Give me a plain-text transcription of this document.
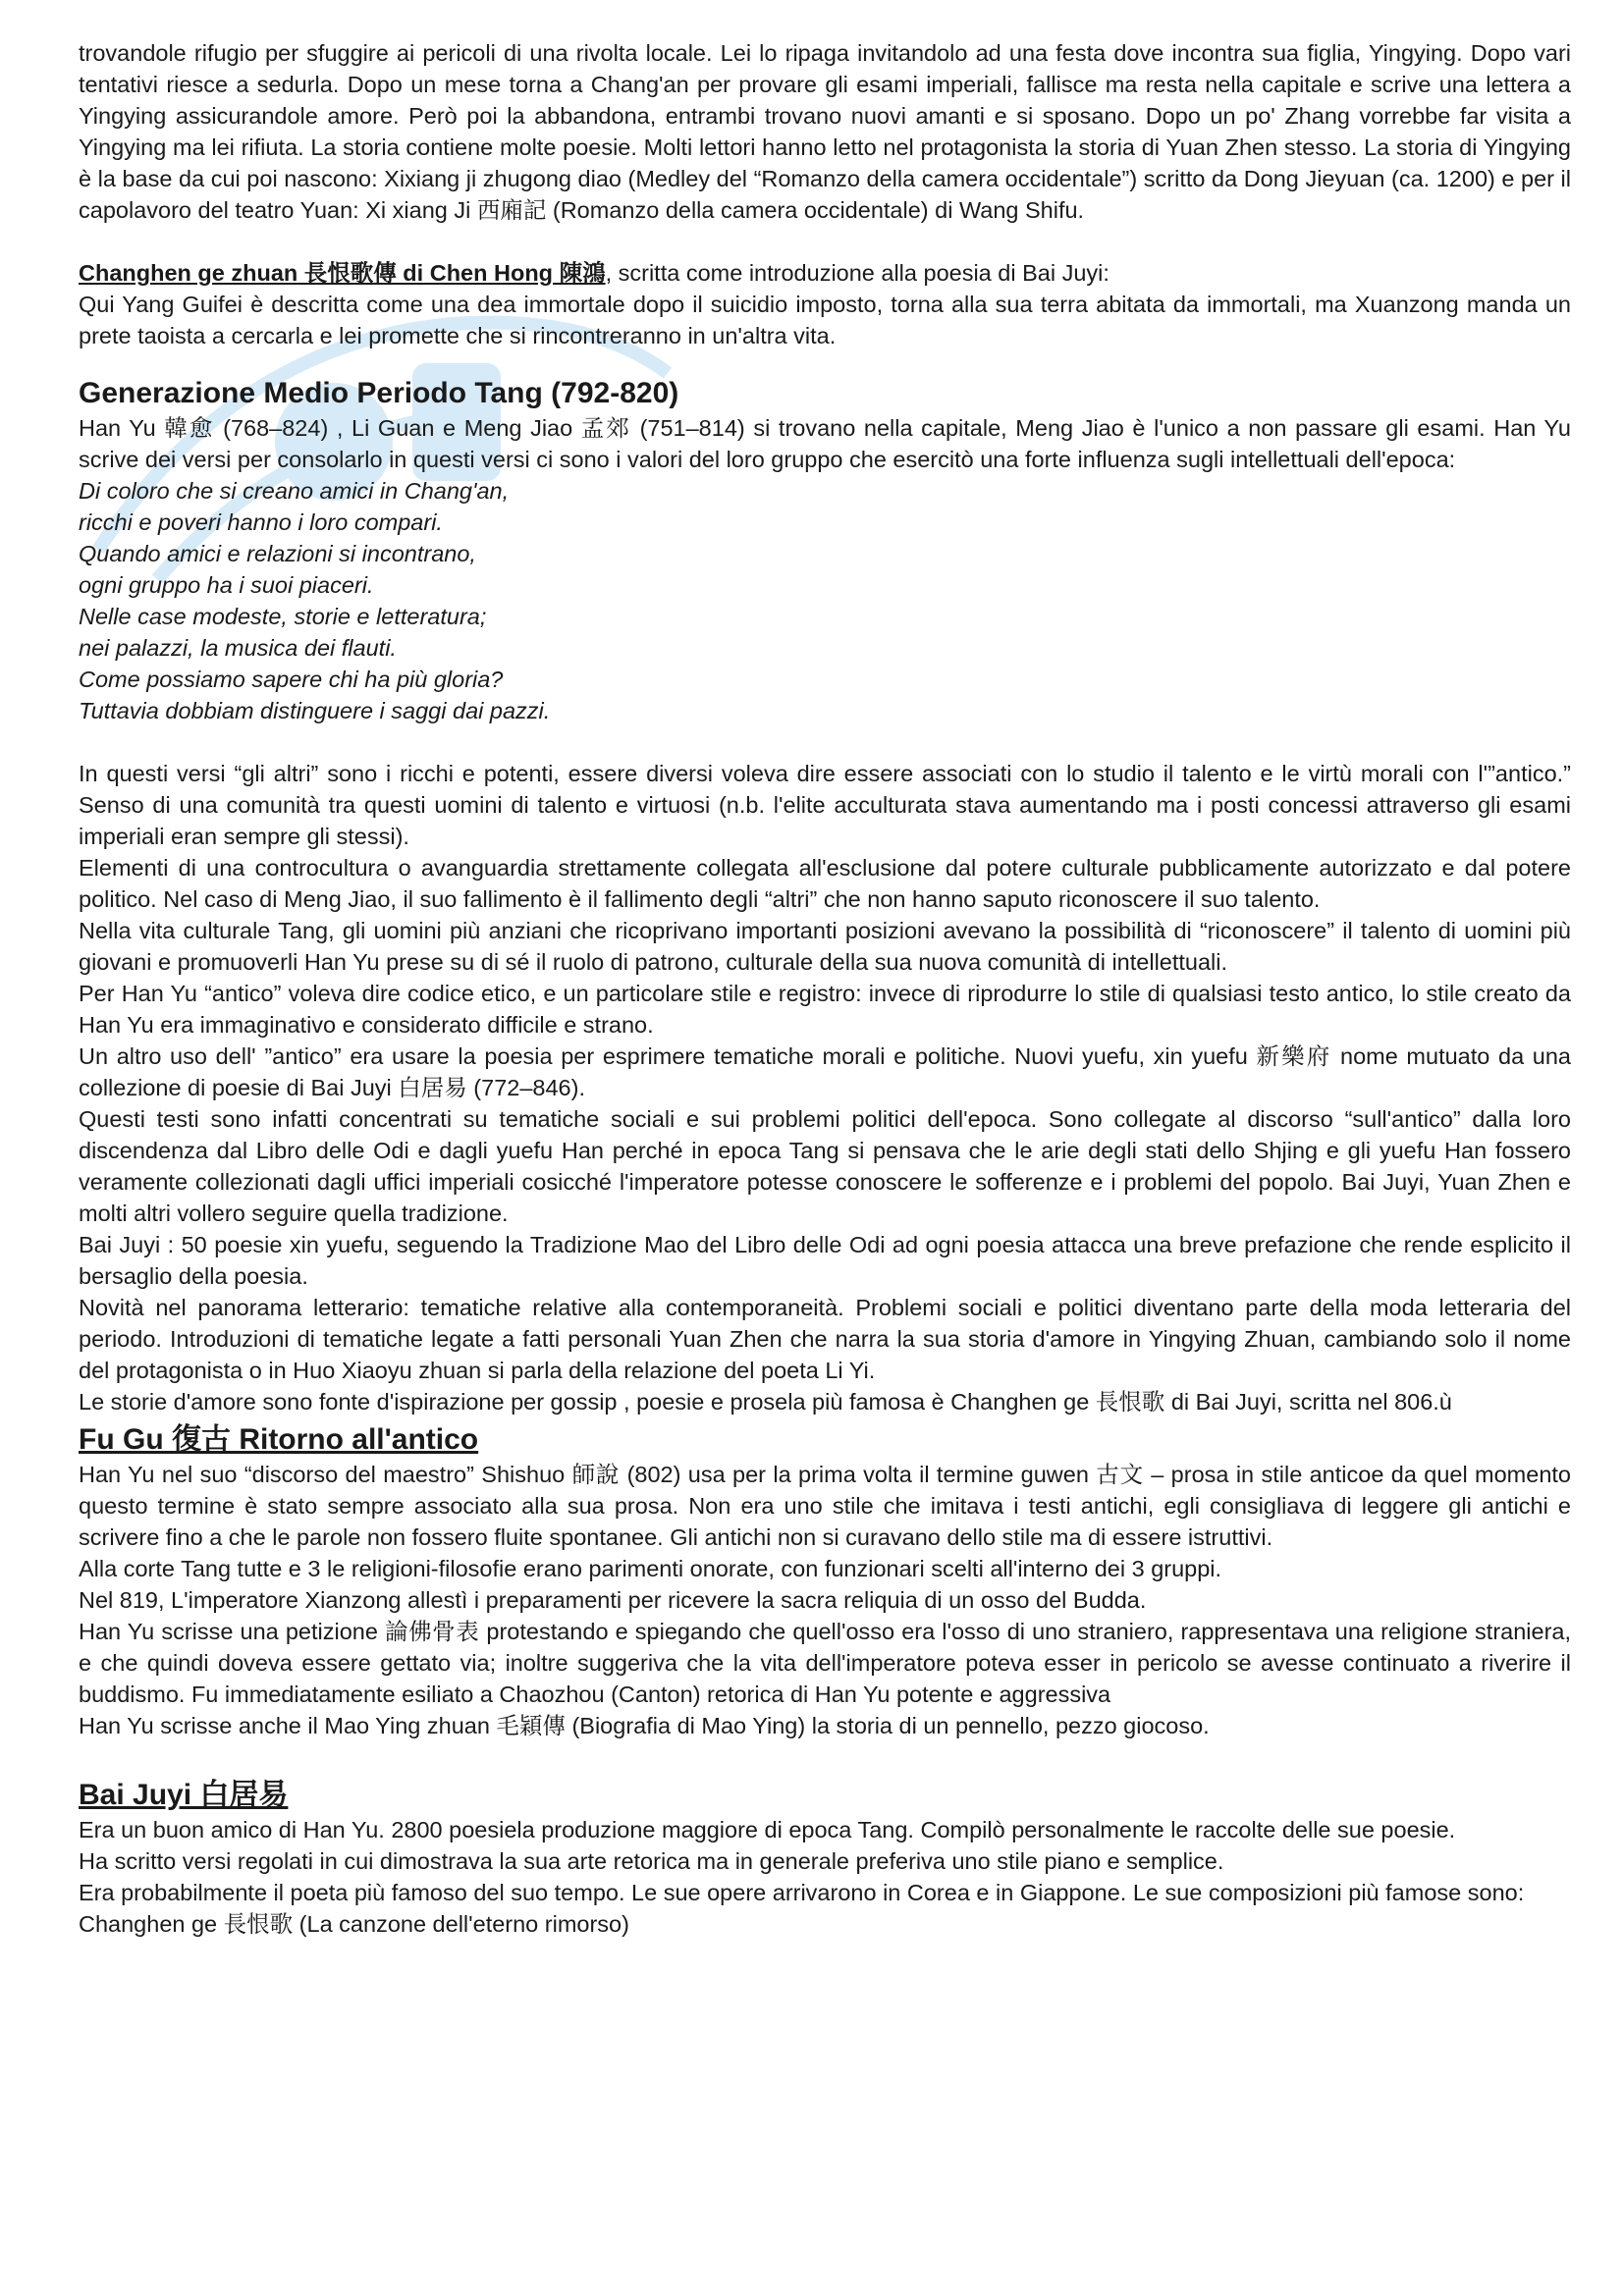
trovandole rifugio per sfuggire ai pericoli di una rivolta locale. Lei lo ripaga invitandolo ad una festa dove incontra sua figlia, Yingying. Dopo vari tentativi riesce a sedurla. Dopo un mese torna a Chang'an per provare gli esami imperiali, fallisce ma resta nella capitale e scrive una lettera a Yingying assicurandole amore. Però poi la abbandona, entrambi trovano nuovi amanti e si sposano. Dopo un po' Zhang vorrebbe far visita a Yingying ma lei rifiuta. La storia contiene molte poesie. Molti lettori hanno letto nel protagonista la storia di Yuan Zhen stesso. La storia di Yingying è la base da cui poi nascono: Xixiang ji zhugong diao (Medley del “Romanzo della camera occidentale”) scritto da Dong Jieyuan (ca. 1200) e per il capolavoro del teatro Yuan: Xi xiang Ji 西廂記 (Romanzo della camera occidentale) di Wang Shifu.

Changhen ge zhuan 長恨歌傳 di Chen Hong 陳鴻, scritta come introduzione alla poesia di Bai Juyi:

Qui Yang Guifei è descritta come una dea immortale dopo il suicidio imposto, torna alla sua terra abitata da immortali, ma Xuanzong manda un prete taoista a cercarla e lei promette che si rincontreranno in un'altra vita.

Generazione Medio Periodo Tang (792-820)

Han Yu 韓愈 (768–824) , Li Guan e Meng Jiao 孟郊 (751–814) si trovano nella capitale, Meng Jiao è l'unico a non passare gli esami. Han Yu scrive dei versi per consolarlo in questi versi ci sono i valori del loro gruppo che esercitò una forte influenza sugli intellettuali dell'epoca:

Di coloro che si creano amici in Chang'an,
ricchi e poveri hanno i loro compari.
Quando amici e relazioni si incontrano,
ogni gruppo ha i suoi piaceri.
Nelle case modeste, storie e letteratura;
nei palazzi, la musica dei flauti.
Come possiamo sapere chi ha più gloria?
Tuttavia dobbiam distinguere i saggi dai pazzi.

In questi versi “gli altri” sono i ricchi e potenti, essere diversi voleva dire essere associati con lo studio il talento e le virtù morali con l'”antico.” Senso di una comunità tra questi uomini di talento e virtuosi (n.b. l'elite acculturata stava aumentando ma i posti concessi attraverso gli esami imperiali eran sempre gli stessi).

Elementi di una controcultura o avanguardia strettamente collegata all'esclusione dal potere culturale pubblicamente autorizzato e dal potere politico. Nel caso di Meng Jiao, il suo fallimento è il fallimento degli “altri” che non hanno saputo riconoscere il suo talento.

Nella vita culturale Tang, gli uomini più anziani che ricoprivano importanti posizioni avevano la possibilità di “riconoscere” il talento di uomini più giovani e promuoverli Han Yu prese su di sé il ruolo di patrono, culturale della sua nuova comunità di intellettuali.

Per Han Yu “antico” voleva dire codice etico, e un particolare stile e registro: invece di riprodurre lo stile di qualsiasi testo antico, lo stile creato da Han Yu era immaginativo e considerato difficile e strano.

Un altro uso dell' ”antico” era usare la poesia per esprimere tematiche morali e politiche. Nuovi yuefu, xin yuefu 新樂府 nome mutuato da una collezione di poesie di Bai Juyi 白居易 (772–846).

Questi testi sono infatti concentrati su tematiche sociali e sui problemi politici dell'epoca. Sono collegate al discorso “sull'antico” dalla loro discendenza dal Libro delle Odi e dagli yuefu Han perché in epoca Tang si pensava che le arie degli stati dello Shjing e gli yuefu Han fossero veramente collezionati dagli uffici imperiali cosicché l'imperatore potesse conoscere le sofferenze e i problemi del popolo. Bai Juyi, Yuan Zhen e molti altri vollero seguire quella tradizione.

Bai Juyi : 50 poesie xin yuefu, seguendo la Tradizione Mao del Libro delle Odi ad ogni poesia attacca una breve prefazione che rende esplicito il bersaglio della poesia.

Novità nel panorama letterario: tematiche relative alla contemporaneità. Problemi sociali e politici diventano parte della moda letteraria del periodo. Introduzioni di tematiche legate a fatti personali Yuan Zhen che narra la sua storia d'amore in Yingying Zhuan, cambiando solo il nome del protagonista o in Huo Xiaoyu zhuan si parla della relazione del poeta Li Yi.

Le storie d'amore sono fonte d'ispirazione per gossip , poesie e prosela più famosa è Changhen ge 長恨歌 di Bai Juyi, scritta nel 806.ù

Fu Gu 復古 Ritorno all'antico

Han Yu nel suo “discorso del maestro” Shishuo 師說 (802) usa per la prima volta il termine guwen 古文 – prosa in stile anticoe da quel momento questo termine è stato sempre associato alla sua prosa. Non era uno stile che imitava i testi antichi, egli consigliava di leggere gli antichi e scrivere fino a che le parole non fossero fluite spontanee. Gli antichi non si curavano dello stile ma di essere istruttivi.

Alla corte Tang tutte e 3 le religioni-filosofie erano parimenti onorate, con funzionari scelti all'interno dei 3 gruppi.

Nel 819, L'imperatore Xianzong allestì i preparamenti per ricevere la sacra reliquia di un osso del Budda.

Han Yu scrisse una petizione 論佛骨表 protestando e spiegando che quell'osso era l'osso di uno straniero, rappresentava una religione straniera, e che quindi doveva essere gettato via; inoltre suggeriva che la vita dell'imperatore poteva esser in pericolo se avesse continuato a riverire il buddismo. Fu immediatamente esiliato a Chaozhou (Canton) retorica di Han Yu potente e aggressiva

Han Yu scrisse anche il Mao Ying zhuan 毛穎傳 (Biografia di Mao Ying) la storia di un pennello, pezzo giocoso.

Bai Juyi 白居易

Era un buon amico di Han Yu. 2800 poesiela produzione maggiore di epoca Tang. Compilò personalmente le raccolte delle sue poesie.

Ha scritto versi regolati in cui dimostrava la sua arte retorica ma in generale preferiva uno stile piano e semplice.

Era probabilmente il poeta più famoso del suo tempo. Le sue opere arrivarono in Corea e in Giappone. Le sue composizioni più famose sono:

Changhen ge 長恨歌 (La canzone dell'eterno rimorso)
